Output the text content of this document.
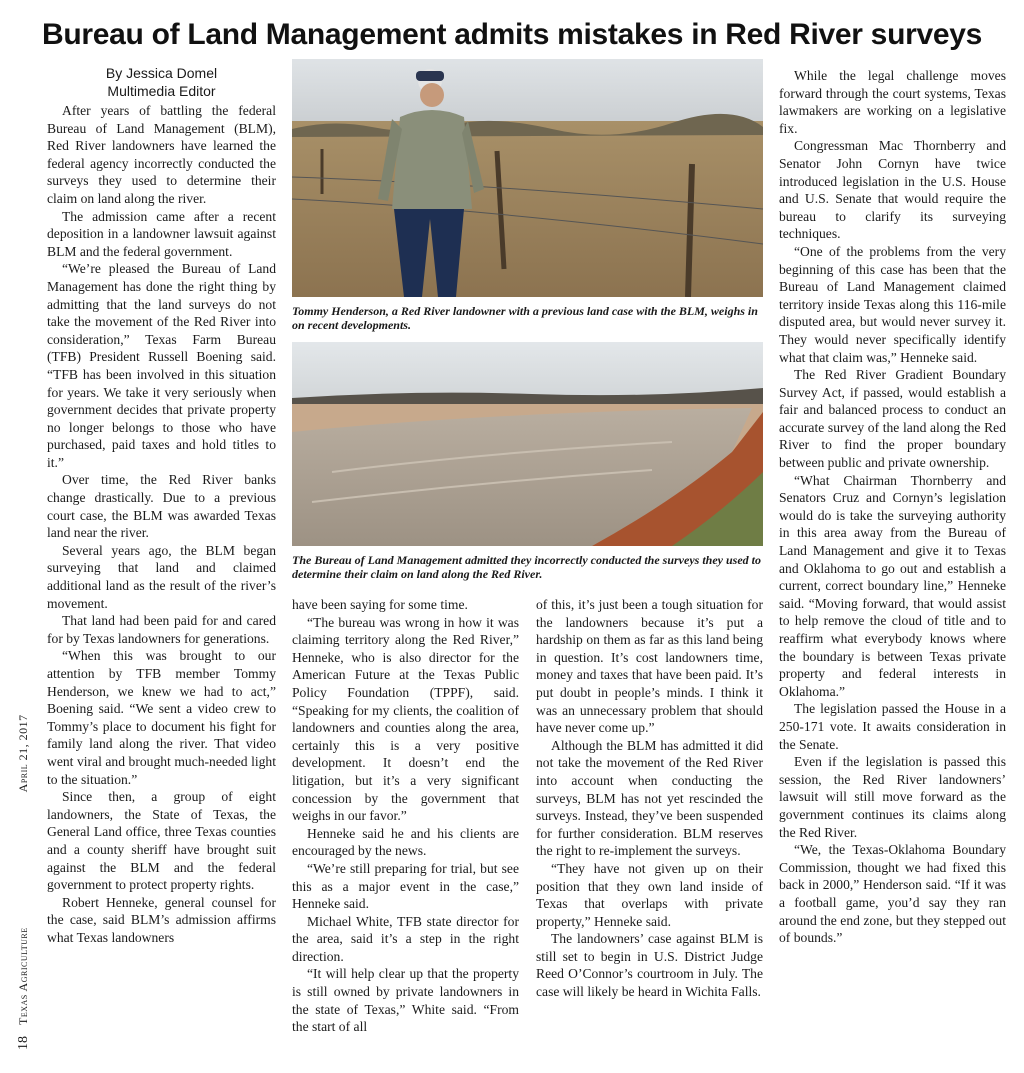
Bureau of Land Management admits mistakes in Red River surveys
By Jessica Domel
Multimedia Editor

After years of battling the federal Bureau of Land Management (BLM), Red River landowners have learned the federal agency incorrectly conducted the surveys they used to determine their claim on land along the river.

The admission came after a recent deposition in a landowner lawsuit against BLM and the federal government.

“We’re pleased the Bureau of Land Management has done the right thing by admitting that the land surveys do not take the movement of the Red River into consideration,” Texas Farm Bureau (TFB) President Russell Boening said. “TFB has been involved in this situation for years. We take it very seriously when government decides that private property no longer belongs to those who have purchased, paid taxes and hold titles to it.”

Over time, the Red River banks change drastically. Due to a previous court case, the BLM was awarded Texas land near the river.

Several years ago, the BLM began surveying that land and claimed additional land as the result of the river’s movement.

That land had been paid for and cared for by Texas landowners for generations.

“When this was brought to our attention by TFB member Tommy Henderson, we knew we had to act,” Boening said. “We sent a video crew to Tommy’s place to document his fight for family land along the river. That video went viral and brought much-needed light to the situation.”

Since then, a group of eight landowners, the State of Texas, the General Land office, three Texas counties and a county sheriff have brought suit against the BLM and the federal government to protect property rights.

Robert Henneke, general counsel for the case, said BLM’s admission affirms what Texas landowners

Tommy Henderson, a Red River landowner with a previous land case with the BLM, weighs in on recent developments.
The Bureau of Land Management admitted they incorrectly conducted the surveys they used to determine their claim on land along the Red River.

have been saying for some time.

“The bureau was wrong in how it was claiming territory along the Red River,” Henneke, who is also director for the American Future at the Texas Public Policy Foundation (TPPF), said. “Speaking for my clients, the coalition of landowners and counties along the area, certainly this is a very positive development. It doesn’t end the litigation, but it’s a very significant concession by the government that weighs in our favor.”

Henneke said he and his clients are encouraged by the news.

“We’re still preparing for trial, but see this as a major event in the case,” Henneke said.

Michael White, TFB state director for the area, said it’s a step in the right direction.

“It will help clear up that the property is still owned by private landowners in the state of Texas,” White said. “From the start of all

of this, it’s just been a tough situation for the landowners because it’s put a hardship on them as far as this land being in question. It’s cost landowners time, money and taxes that have been paid. It’s put doubt in people’s minds. I think it was an unnecessary problem that should have never come up.”

Although the BLM has admitted it did not take the movement of the Red River into account when conducting the surveys, BLM has not yet rescinded the surveys. Instead, they’ve been suspended for further consideration. BLM reserves the right to re-implement the surveys.

“They have not given up on their position that they own land inside of Texas that overlaps with private property,” Henneke said.

The landowners’ case against BLM is still set to begin in U.S. District Judge Reed O’Connor’s courtroom in July. The case will likely be heard in Wichita Falls.

While the legal challenge moves forward through the court systems, Texas lawmakers are working on a legislative fix.

Congressman Mac Thornberry and Senator John Cornyn have twice introduced legislation in the U.S. House and U.S. Senate that would require the bureau to clarify its surveying techniques.

“One of the problems from the very beginning of this case has been that the Bureau of Land Management claimed territory inside Texas along this 116-mile disputed area, but would never survey it. They would never specifically identify what that claim was,” Henneke said.

The Red River Gradient Boundary Survey Act, if passed, would establish a fair and balanced process to conduct an accurate survey of the land along the Red River to find the proper boundary between public and private ownership.

“What Chairman Thornberry and Senators Cruz and Cornyn’s legislation would do is take the surveying authority in this area away from the Bureau of Land Management and give it to Texas and Oklahoma to go out and establish a current, correct boundary line,” Henneke said. “Moving forward, that would assist to help remove the cloud of title and to reaffirm what everybody knows where the boundary is between Texas private property and federal interests in Oklahoma.”

The legislation passed the House in a 250-171 vote. It awaits consideration in the Senate.

Even if the legislation is passed this session, the Red River landowners’ lawsuit will still move forward as the government continues its claims along the Red River.

“We, the Texas-Oklahoma Boundary Commission, thought we had fixed this back in 2000,” Henderson said. “If it was a football game, you’d say they ran around the end zone, but they stepped out of bounds.”

18 Texas Agriculture April 21, 2017
